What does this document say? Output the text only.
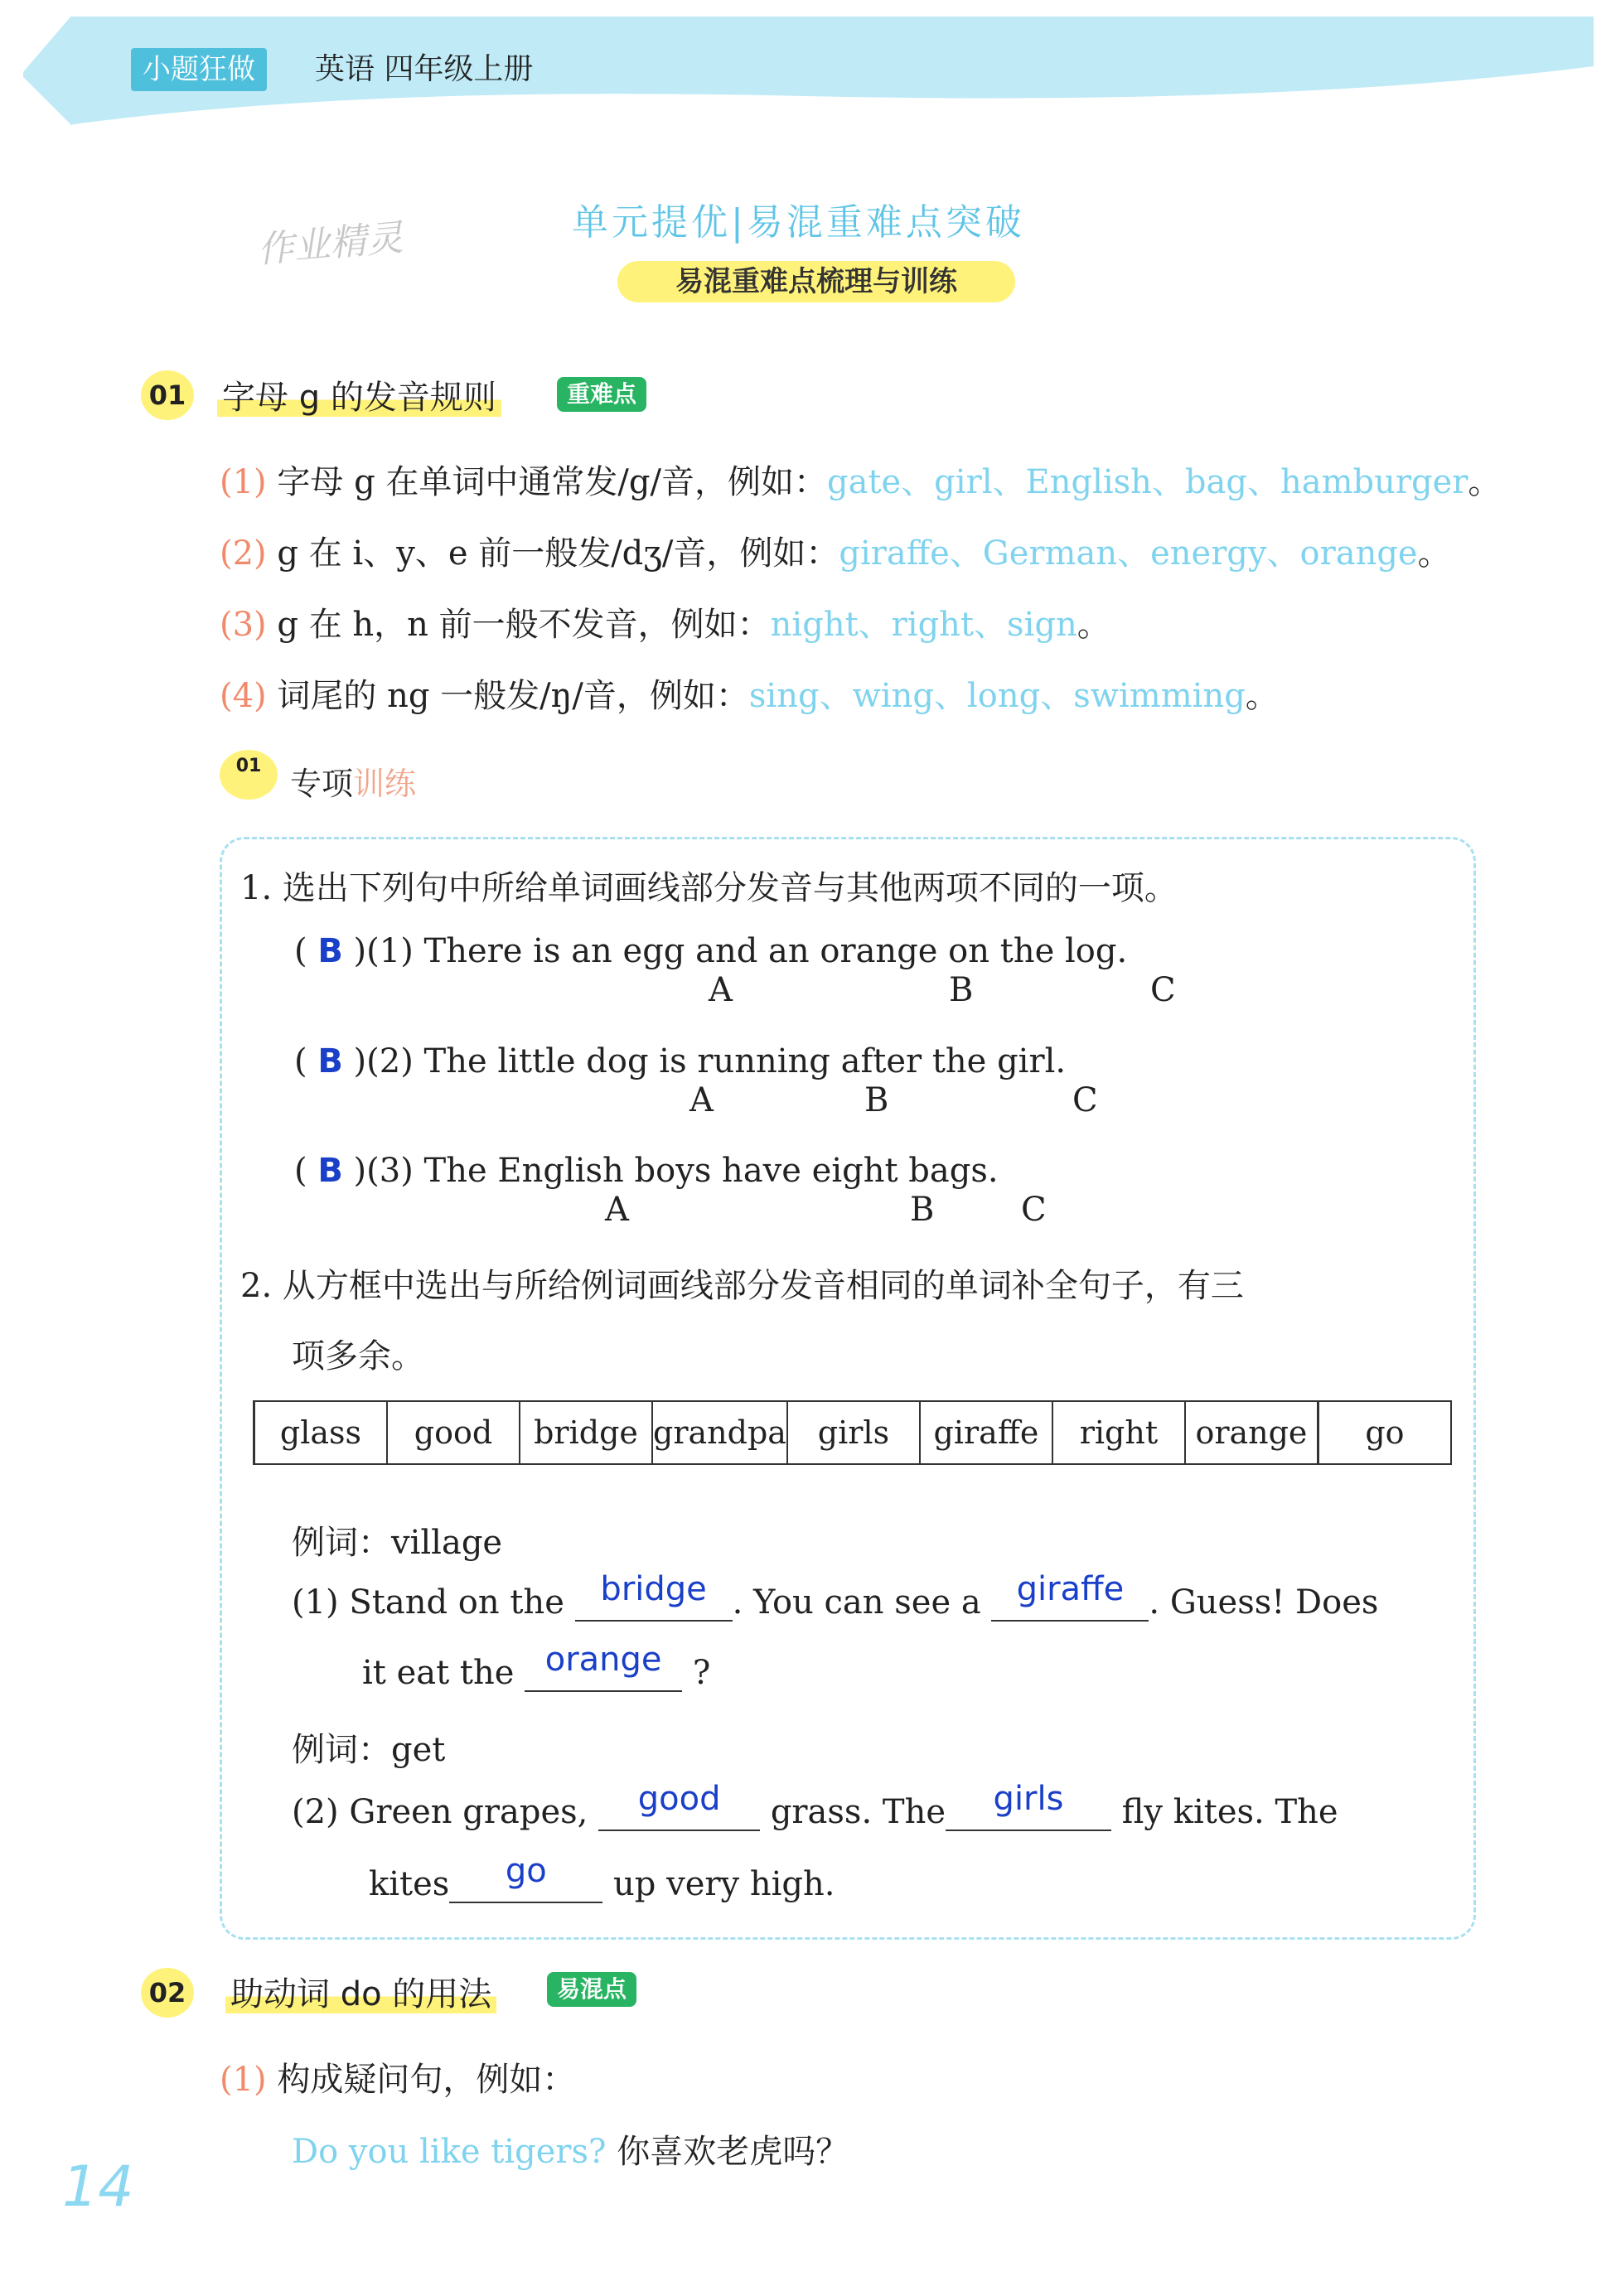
小题狂做	英语 四年级上册
作业精灵	单元提优|易混重难点突破
易混重难点梳理与训练
01 字母 g 的发音规则	重难点
(1) 字母 g 在单词中通常发/g/音，例如：gate、girl、English、bag、hamburger。
(2) g 在 i、y、e 前一般发/dʒ/音，例如：giraffe、German、energy、orange。
(3) g 在 h，n 前一般不发音，例如：night、right、sign。
(4) 词尾的 ng 一般发/ŋ/音，例如：sing、wing、long、swimming。
01 专项训练
1. 选出下列句中所给单词画线部分发音与其他两项不同的一项。
( B )(1) There is an egg and an orange on the log.
A	B	C
( B )(2) The little dog is running after the girl.
A	B	C
( B )(3) The English boys have eight bags.
A	B	C
2. 从方框中选出与所给例词画线部分发音相同的单词补全句子，有三
项多余。
glass	good	bridge	grandpa	girls	giraffe	right	orange	go
例词：village
(1) Stand on the bridge . You can see a giraffe . Guess! Does
it eat the orange ?
例词：get
(2) Green grapes, good grass. The girls fly kites. The
kites go up very high.
02 助动词 do 的用法	易混点
(1) 构成疑问句，例如：
Do you like tigers? 你喜欢老虎吗？
14
